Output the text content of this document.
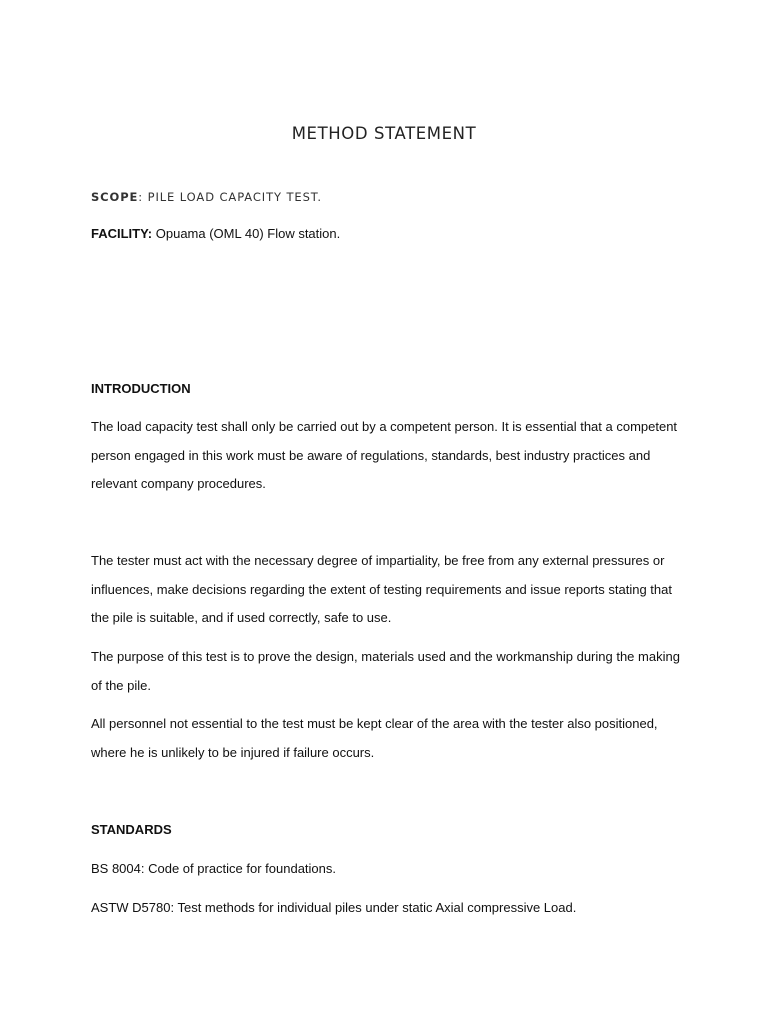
METHOD STATEMENT
SCOPE: PILE LOAD CAPACITY TEST.
FACILITY: Opuama (OML 40) Flow station.
INTRODUCTION

The load capacity test shall only be carried out by a competent person. It is essential that a competent person engaged in this work must be aware of regulations, standards, best industry practices and relevant company procedures.

The tester must act with the necessary degree of impartiality, be free from any external pressures or influences, make decisions regarding the extent of testing requirements and issue reports stating that the pile is suitable, and if used correctly, safe to use.

The purpose of this test is to prove the design, materials used and the workmanship during the making of the pile.

All personnel not essential to the test must be kept clear of the area with the tester also positioned, where he is unlikely to be injured if failure occurs.

STANDARDS
BS 8004: Code of practice for foundations.
ASTW D5780: Test methods for individual piles under static Axial compressive Load.
